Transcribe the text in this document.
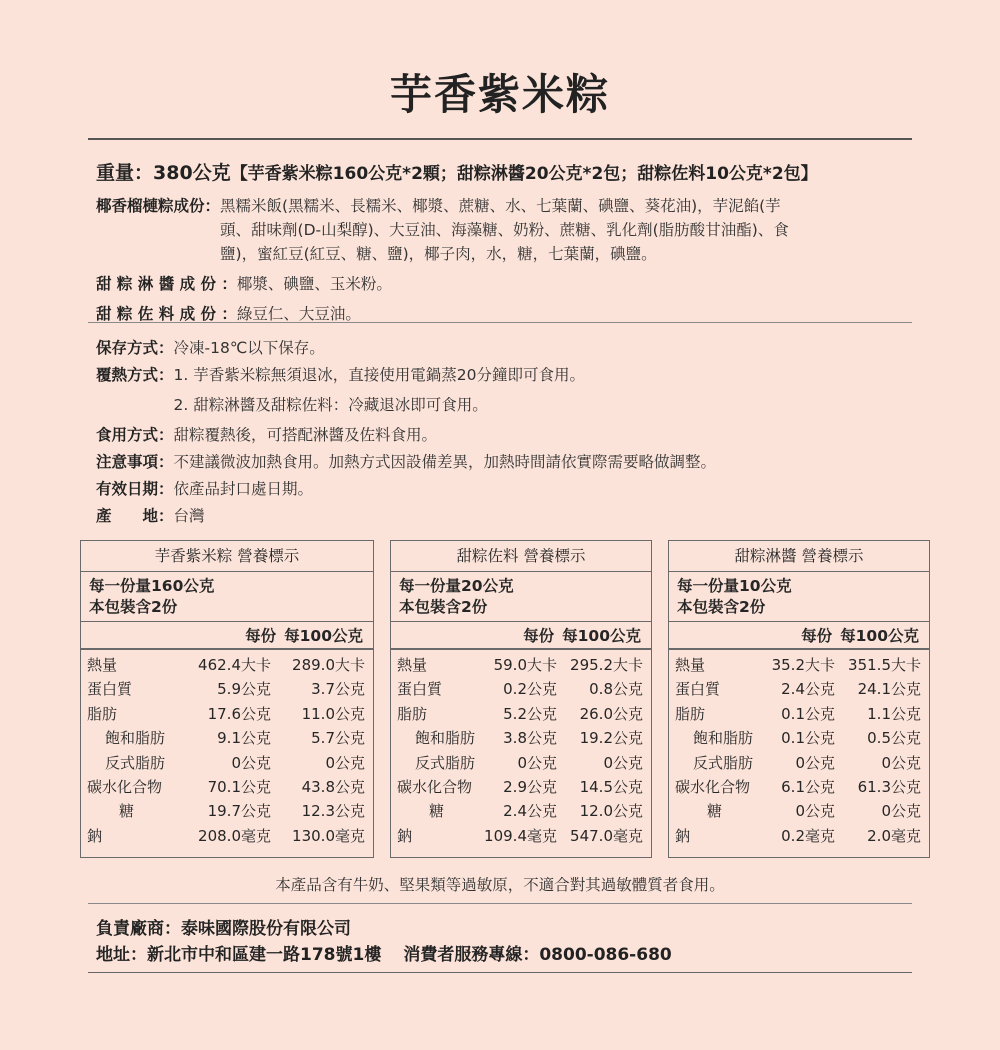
芋香紫米粽
重量：380公克【芋香紫米粽160公克*2顆；甜粽淋醬20公克*2包；甜粽佐料10公克*2包】
椰香榴槤粽成份： 黑糯米飯(黑糯米、長糯米、椰漿、蔗糖、水、七葉蘭、碘鹽、葵花油)，芋泥餡(芋
頭、甜味劑(D-山梨醇)、大豆油、海藻糖、奶粉、蔗糖、乳化劑(脂肪酸甘油酯)、食
鹽)，蜜紅豆(紅豆、糖、鹽)，椰子肉，水，糖，七葉蘭，碘鹽。
甜 粽 淋 醬 成 份 ： 椰漿、碘鹽、玉米粉。
甜 粽 佐 料 成 份 ： 綠豆仁、大豆油。
保存方式： 冷凍-18℃以下保存。
覆熱方式： 1. 芋香紫米粽無須退冰，直接使用電鍋蒸20分鐘即可食用。
2. 甜粽淋醬及甜粽佐料：冷藏退冰即可食用。
食用方式： 甜粽覆熱後，可搭配淋醬及佐料食用。
注意事項： 不建議微波加熱食用。加熱方式因設備差異，加熱時間請依實際需要略做調整。
有效日期： 依產品封口處日期。
產　　地： 台灣
芋香紫米粽 營養標示
每一份量160公克
本包裝含2份
每份 每100公克
熱量	462.4大卡	289.0大卡
蛋白質	5.9公克	3.7公克
脂肪	17.6公克	11.0公克
飽和脂肪	9.1公克	5.7公克
反式脂肪	0公克	0公克
碳水化合物	70.1公克	43.8公克
糖	19.7公克	12.3公克
鈉	208.0毫克	130.0毫克
甜粽佐料 營養標示
每一份量20公克
本包裝含2份
每份 每100公克
熱量	59.0大卡 295.2大卡
蛋白質	0.2公克	0.8公克
脂肪	5.2公克	26.0公克
飽和脂肪	3.8公克	19.2公克
反式脂肪	0公克	0公克
碳水化合物	2.9公克	14.5公克
糖	2.4公克	12.0公克
鈉	109.4毫克 547.0毫克
甜粽淋醬 營養標示
每一份量10公克
本包裝含2份
每份 每100公克
熱量	35.2大卡 351.5大卡
蛋白質	2.4公克	24.1公克
脂肪	0.1公克	1.1公克
飽和脂肪	0.1公克	0.5公克
反式脂肪	0公克	0公克
碳水化合物	6.1公克	61.3公克
糖	0公克	0公克
鈉	0.2毫克	2.0毫克
本產品含有牛奶、堅果類等過敏原，不適合對其過敏體質者食用。
負責廠商：泰味國際股份有限公司
地址：新北市中和區建一路178號1樓 消費者服務專線：0800-086-680
